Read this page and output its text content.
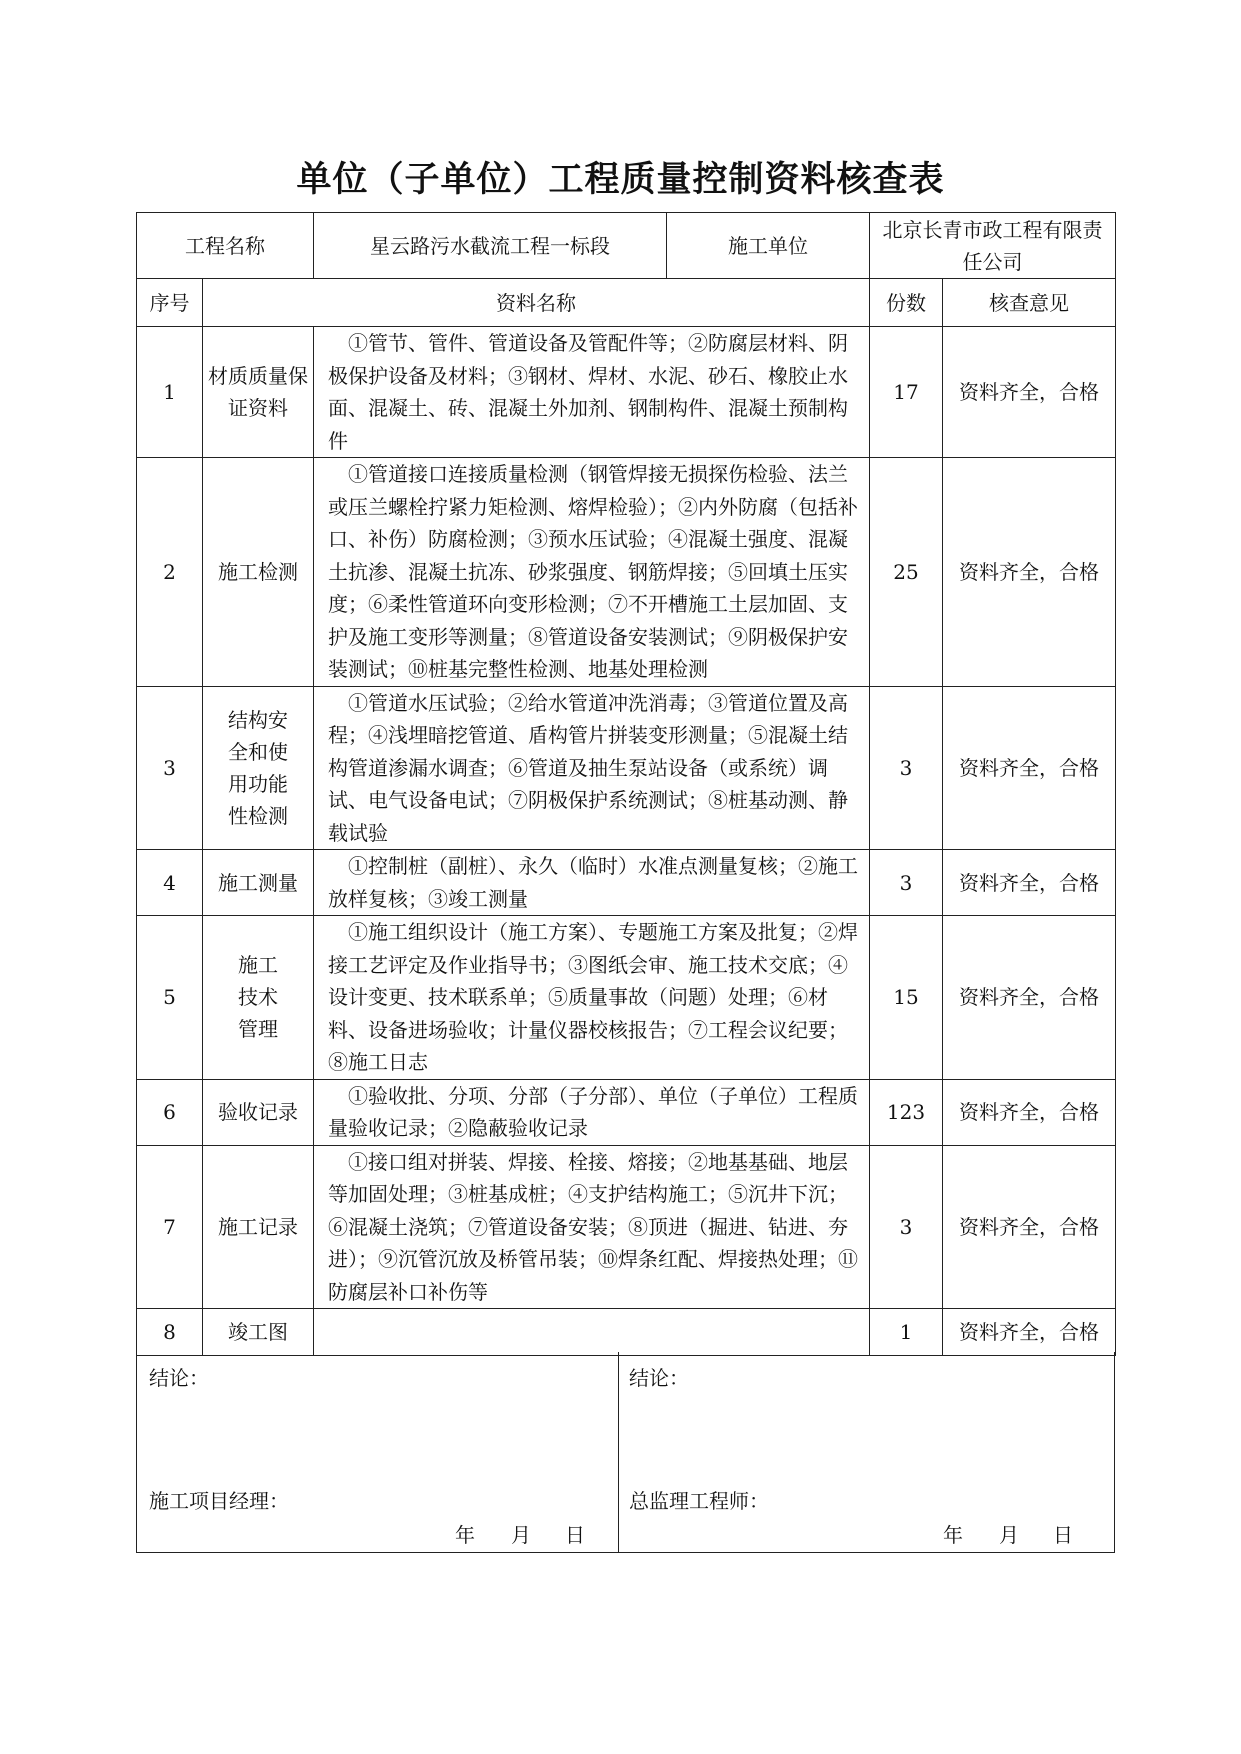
单位（子单位）工程质量控制资料核查表
工程名称		星云路污水截流工程一标段	施工单位	北京长青市政工程有限责任公司	
序号	资料名称			份数	核查意见
1	材质质量保证资料	①管节、管件、管道设备及管配件等；②防腐层材料、阴极保护设备及材料；③钢材、焊材、水泥、砂石、橡胶止水面、混凝土、砖、混凝土外加剂、钢制构件、混凝土预制构件		17	资料齐全，合格
2	施工检测	①管道接口连接质量检测（钢管焊接无损探伤检验、法兰或压兰螺栓拧紧力矩检测、熔焊检验）；②内外防腐（包括补口、补伤）防腐检测；③预水压试验；④混凝土强度、混凝土抗渗、混凝土抗冻、砂浆强度、钢筋焊接；⑤回填土压实度；⑥柔性管道环向变形检测；⑦不开槽施工土层加固、支护及施工变形等测量；⑧管道设备安装测试；⑨阴极保护安装测试；⑩桩基完整性检测、地基处理检测		25	资料齐全，合格
3	结构安全和使用功能性检测	①管道水压试验；②给水管道冲洗消毒；③管道位置及高程；④浅埋暗挖管道、盾构管片拼装变形测量；⑤混凝土结构管道渗漏水调查；⑥管道及抽生泵站设备（或系统）调试、电气设备电试；⑦阴极保护系统测试；⑧桩基动测、静载试验		3	资料齐全，合格
4	施工测量	①控制桩（副桩）、永久（临时）水准点测量复核；②施工放样复核；③竣工测量		3	资料齐全，合格
5	施工技术管理	①施工组织设计（施工方案）、专题施工方案及批复；②焊接工艺评定及作业指导书；③图纸会审、施工技术交底；④设计变更、技术联系单；⑤质量事故（问题）处理；⑥材料、设备进场验收；计量仪器校核报告；⑦工程会议纪要；⑧施工日志		15	资料齐全，合格
6	验收记录	①验收批、分项、分部（子分部）、单位（子单位）工程质量验收记录；②隐蔽验收记录		123	资料齐全，合格
7	施工记录	①接口组对拼装、焊接、栓接、熔接；②地基基础、地层等加固处理；③桩基成桩；④支护结构施工；⑤沉井下沉；⑥混凝土浇筑；⑦管道设备安装；⑧顶进（掘进、钻进、夯进）；⑨沉管沉放及桥管吊装；⑩焊条红配、焊接热处理；⑪防腐层补口补伤等		3	资料齐全，合格
8	竣工图			1	资料齐全，合格
结论：
施工项目经理：
年 月 日
结论：
总监理工程师：
年 月 日
